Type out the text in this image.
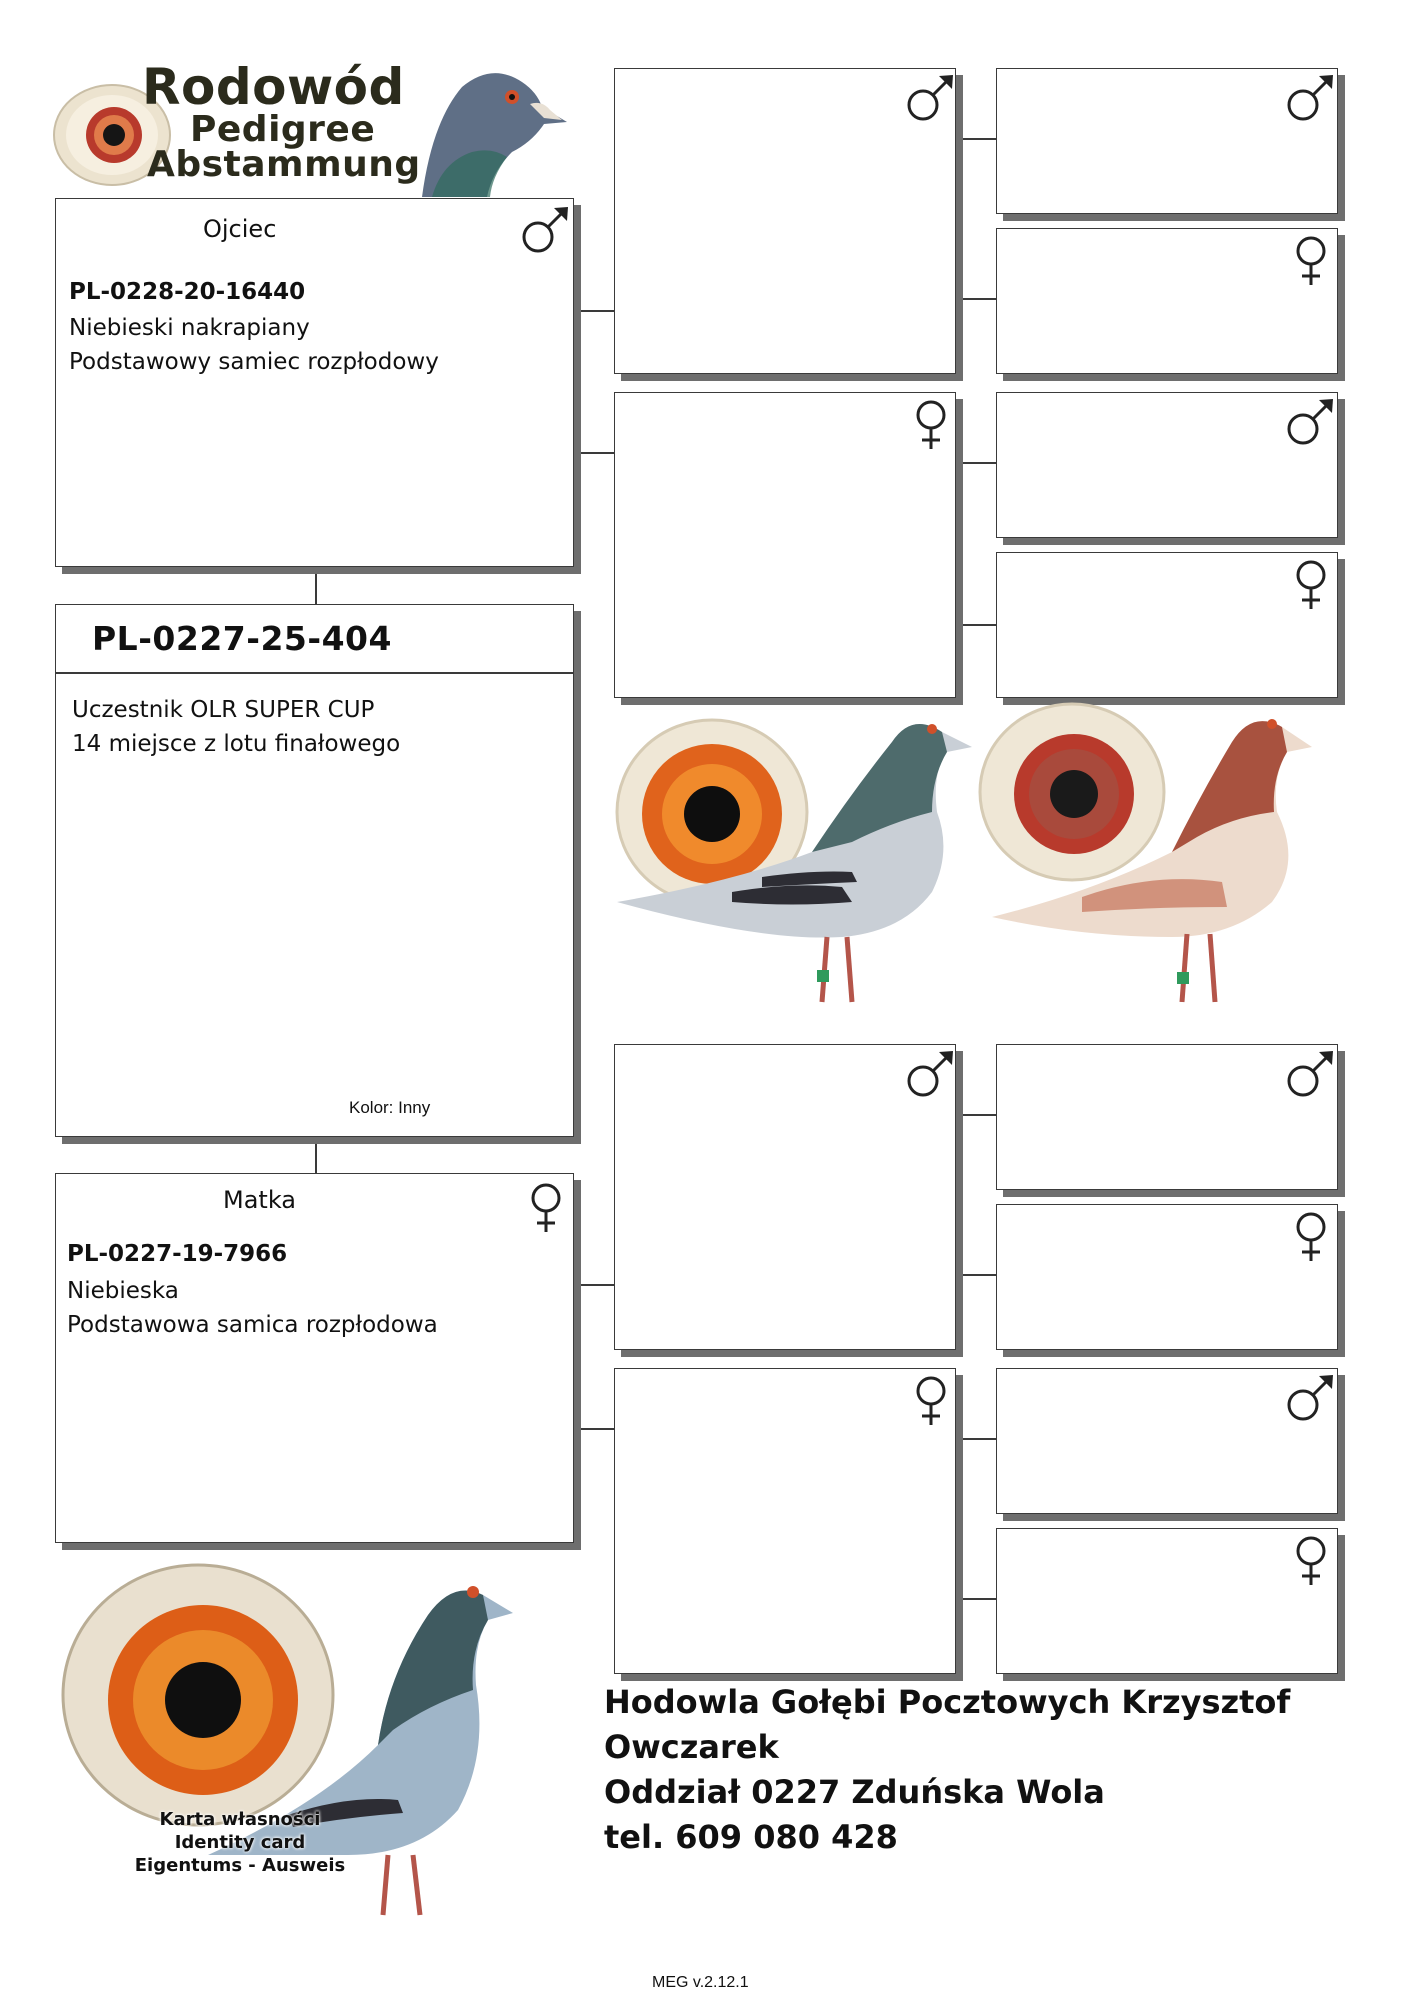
Rodowód
Pedigree
Abstammung
Ojciec
PL-0228-20-16440
Niebieski nakrapiany
Podstawowy samiec rozpłodowy
PL-0227-25-404
Uczestnik OLR SUPER CUP
14 miejsce z lotu finałowego
Kolor: Inny
Matka
PL-0227-19-7966
Niebieska
Podstawowa samica rozpłodowa
Karta własności
Identity card
Eigentums - Ausweis
Hodowla Gołębi Pocztowych Krzysztof Owczarek
Oddział 0227 Zduńska Wola
tel. 609 080 428
MEG v.2.12.1
